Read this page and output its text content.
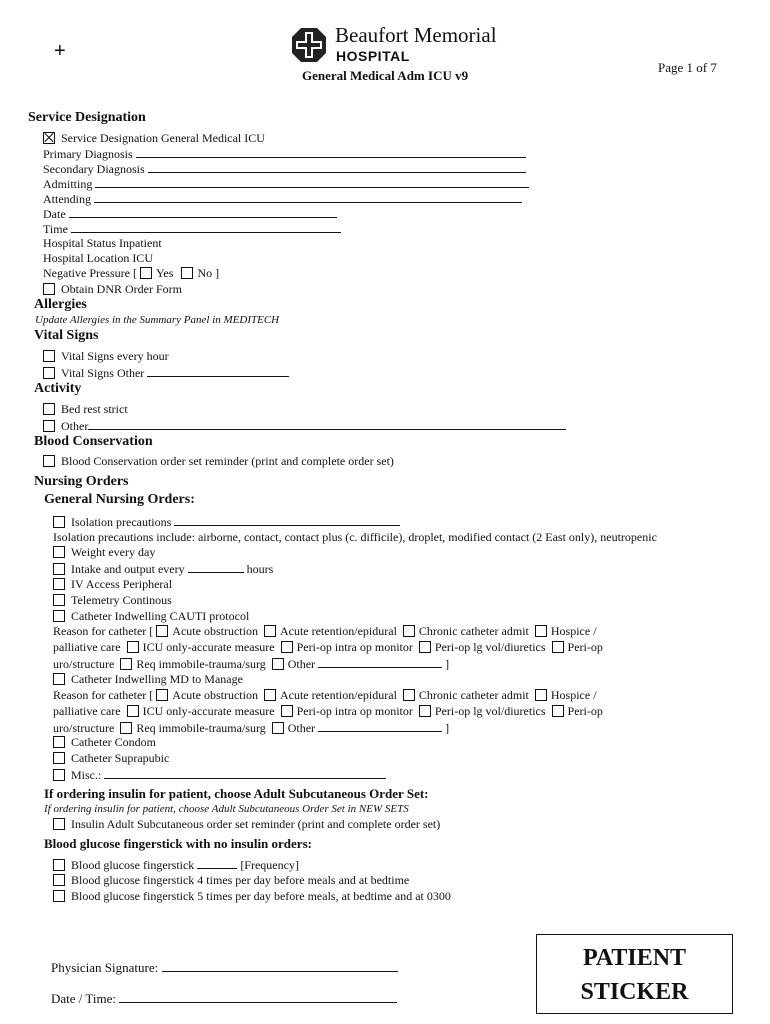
+
Beaufort Memorial
HOSPITAL
General Medical Adm ICU v9
Page 1 of 7
Service Designation
Service Designation General Medical ICU
Primary Diagnosis
Secondary Diagnosis
Admitting
Attending
Date
Time
Hospital Status Inpatient
Hospital Location ICU
Negative Pressure [ Yes No ]
Obtain DNR Order Form
Allergies
Update Allergies in the Summary Panel in MEDITECH
Vital Signs
Vital Signs every hour
Vital Signs Other
Activity
Bed rest strict
Other
Blood Conservation
Blood Conservation order set reminder (print and complete order set)
Nursing Orders
General Nursing Orders:
Isolation precautions
Isolation precautions include: airborne, contact, contact plus (c. difficile), droplet, modified contact (2 East only), neutropenic
Weight every day
Intake and output every	hours
IV Access Peripheral
Telemetry Continous
Catheter Indwelling CAUTI protocol
Reason for catheter [ Acute obstruction Acute retention/epidural Chronic catheter admit Hospice /
palliative care ICU only-accurate measure Peri-op intra op monitor Peri-op lg vol/diuretics Peri-op
uro/structure Req immobile-trauma/surg Other	]
Catheter Indwelling MD to Manage
Reason for catheter [ Acute obstruction Acute retention/epidural Chronic catheter admit Hospice /
palliative care ICU only-accurate measure Peri-op intra op monitor Peri-op lg vol/diuretics Peri-op
uro/structure Req immobile-trauma/surg Other	]
Catheter Condom
Catheter Suprapubic
Misc.:
If ordering insulin for patient, choose Adult Subcutaneous Order Set:
If ordering insulin for patient, choose Adult Subcutaneous Order Set in NEW SETS
Insulin Adult Subcutaneous order set reminder (print and complete order set)
Blood glucose fingerstick with no insulin orders:
Blood glucose fingerstick	[Frequency]
Blood glucose fingerstick 4 times per day before meals and at bedtime
Blood glucose fingerstick 5 times per day before meals, at bedtime and at 0300
Physician Signature:
Date / Time:
PATIENT
STICKER
